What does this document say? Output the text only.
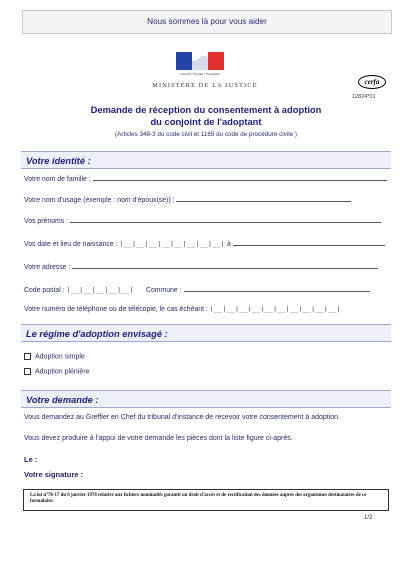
Nous sommes là pour vous aider
Liberté • Égalité • Fraternité
MINISTÈRE DE LA JUSTICE	cerfa
12824*01
Demande de réception du consentement à adoption
du conjoint de l'adoptant
(Articles 348-3 du code civil et 1165 du code de procédure civile )
Votre identité :
Votre nom de famille :
Votre nom d'usage (exemple : nom d'époux(se)) :
Vos prénoms :
Vos date et lieu de naissance : |__|__|__|__|__|__|__|__| à
Votre adresse :
Code postal : |__|__|__|__|__| Commune :
Votre numéro de téléphone ou de télécopie, le cas échéant : |__|__|__|__|__|__|__|__|__|__|
Le régime d'adoption envisagé :
Adoption simple
Adoption plénière
Votre demande :
Vous demandez au Greffier en Chef du tribunal d'instance de recevoir votre consentement à adoption.
Vous devez produire à l'appui de votre demande les pièces dont la liste figure ci-après.
Le :
Votre signature :
La loi n°78-17 du 6 janvier 1978 relative aux fichiers nominatifs garantit un droit d'accès et de rectification des données auprès des organismes destinataires de ce formulaire.
1/2
